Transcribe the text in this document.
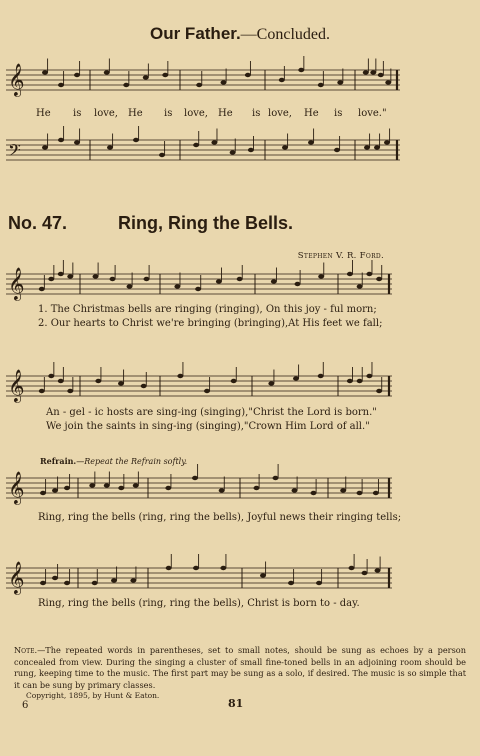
Our Father.—Concluded.
𝄞
He is love, He is love, He is love, He is love."
𝄢
No. 47.	Ring, Ring the Bells.
Stephen V. R. Ford.
𝄞
1. The Christmas bells are ringing (ringing), On this joy - ful morn;
2. Our hearts to Christ we're bringing (bringing),At His feet we fall;
𝄞
An - gel - ic hosts are sing-ing (singing),"Christ the Lord is born."
We join the saints in sing-ing (singing),"Crown Him Lord of all."
Refrain.—Repeat the Refrain softly.
𝄞
Ring, ring the bells (ring, ring the bells), Joyful news their ringing tells;
𝄞
Ring, ring the bells (ring, ring the bells), Christ is born to - day.
Note.—The repeated words in parentheses, set to small notes, should be sung as echoes by a person concealed from view. During the singing a cluster of small fine-toned bells in an adjoining room should be rung, keeping time to the music. The first part may be sung as a solo, if desired. The music is so simple that it can be sung by primary classes.
Copyright, 1895, by Hunt & Eaton.
6	81
